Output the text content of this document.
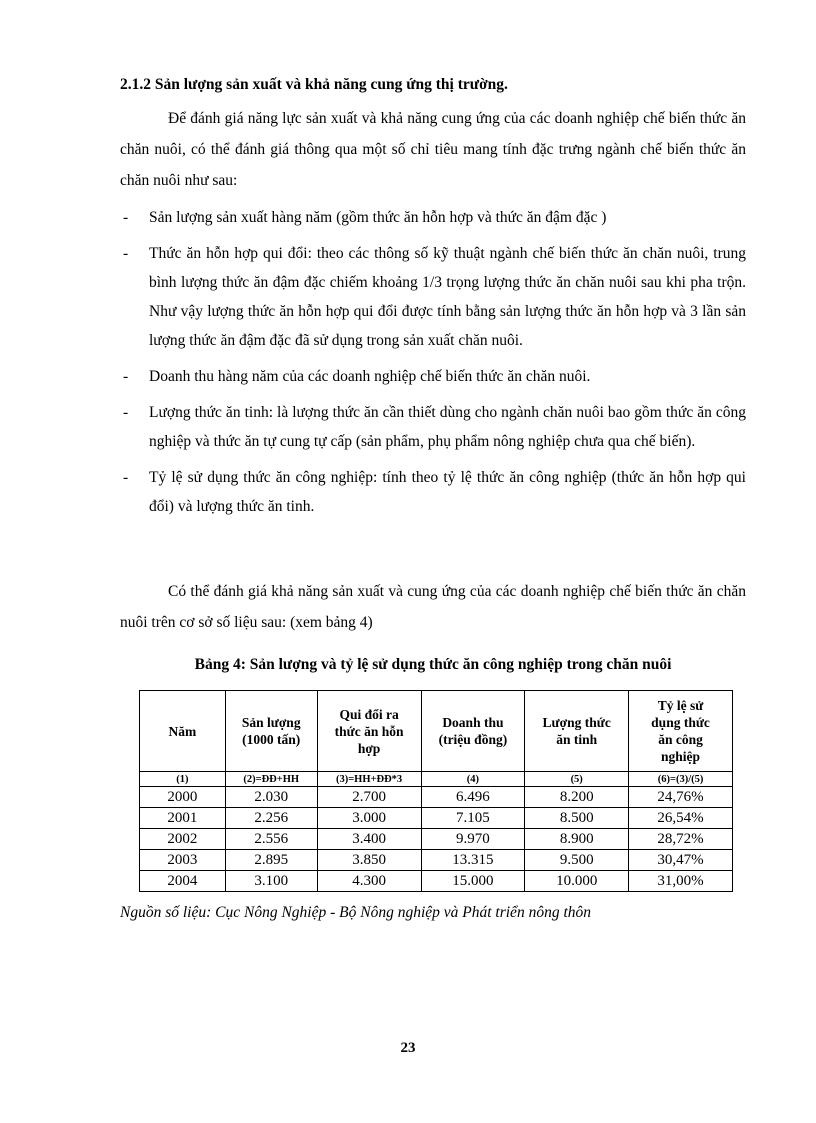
2.1.2 Sản lượng sản xuất và khả năng cung ứng thị trường.

Để đánh giá năng lực sản xuất và khả năng cung ứng của các doanh nghiệp chế biến thức ăn chăn nuôi, có thể đánh giá thông qua một số chỉ tiêu mang tính đặc trưng ngành chế biến thức ăn chăn nuôi như sau:

- Sản lượng sản xuất hàng năm (gồm thức ăn hỗn hợp và thức ăn đậm đặc )
- Thức ăn hỗn hợp qui đổi: theo các thông số kỹ thuật ngành chế biến thức ăn chăn nuôi, trung bình lượng thức ăn đậm đặc chiếm khoảng 1/3 trọng lượng thức ăn chăn nuôi sau khi pha trộn. Như vậy lượng thức ăn hỗn hợp qui đổi được tính bằng sản lượng thức ăn hỗn hợp và 3 lần sản lượng thức ăn đậm đặc đã sử dụng trong sản xuất chăn nuôi.
- Doanh thu hàng năm của các doanh nghiệp chế biến thức ăn chăn nuôi.
- Lượng thức ăn tinh: là lượng thức ăn cần thiết dùng cho ngành chăn nuôi bao gồm thức ăn công nghiệp và thức ăn tự cung tự cấp (sản phẩm, phụ phẩm nông nghiệp chưa qua chế biến).
- Tỷ lệ sử dụng thức ăn công nghiệp: tính theo tỷ lệ thức ăn công nghiệp (thức ăn hỗn hợp qui đổi) và lượng thức ăn tinh.

Có thể đánh giá khả năng sản xuất và cung ứng của các doanh nghiệp chế biến thức ăn chăn nuôi trên cơ sở số liệu sau: (xem bảng 4)

Bảng 4: Sản lượng và tỷ lệ sử dụng thức ăn công nghiệp trong chăn nuôi
Năm	Sản lượng (1000 tấn)	Qui đổi ra thức ăn hỗn hợp	Doanh thu (triệu đồng)	Lượng thức ăn tinh	Tỷ lệ sử dụng thức ăn công nghiệp
(1)	(2)=ĐĐ+HH	(3)=HH+ĐĐ*3	(4)	(5)	(6)=(3)/(5)
2000	2.030	2.700	6.496	8.200	24,76%
2001	2.256	3.000	7.105	8.500	26,54%
2002	2.556	3.400	9.970	8.900	28,72%
2003	2.895	3.850	13.315	9.500	30,47%
2004	3.100	4.300	15.000	10.000	31,00%
Nguồn số liệu: Cục Nông Nghiệp - Bộ Nông nghiệp và Phát triển nông thôn
23
